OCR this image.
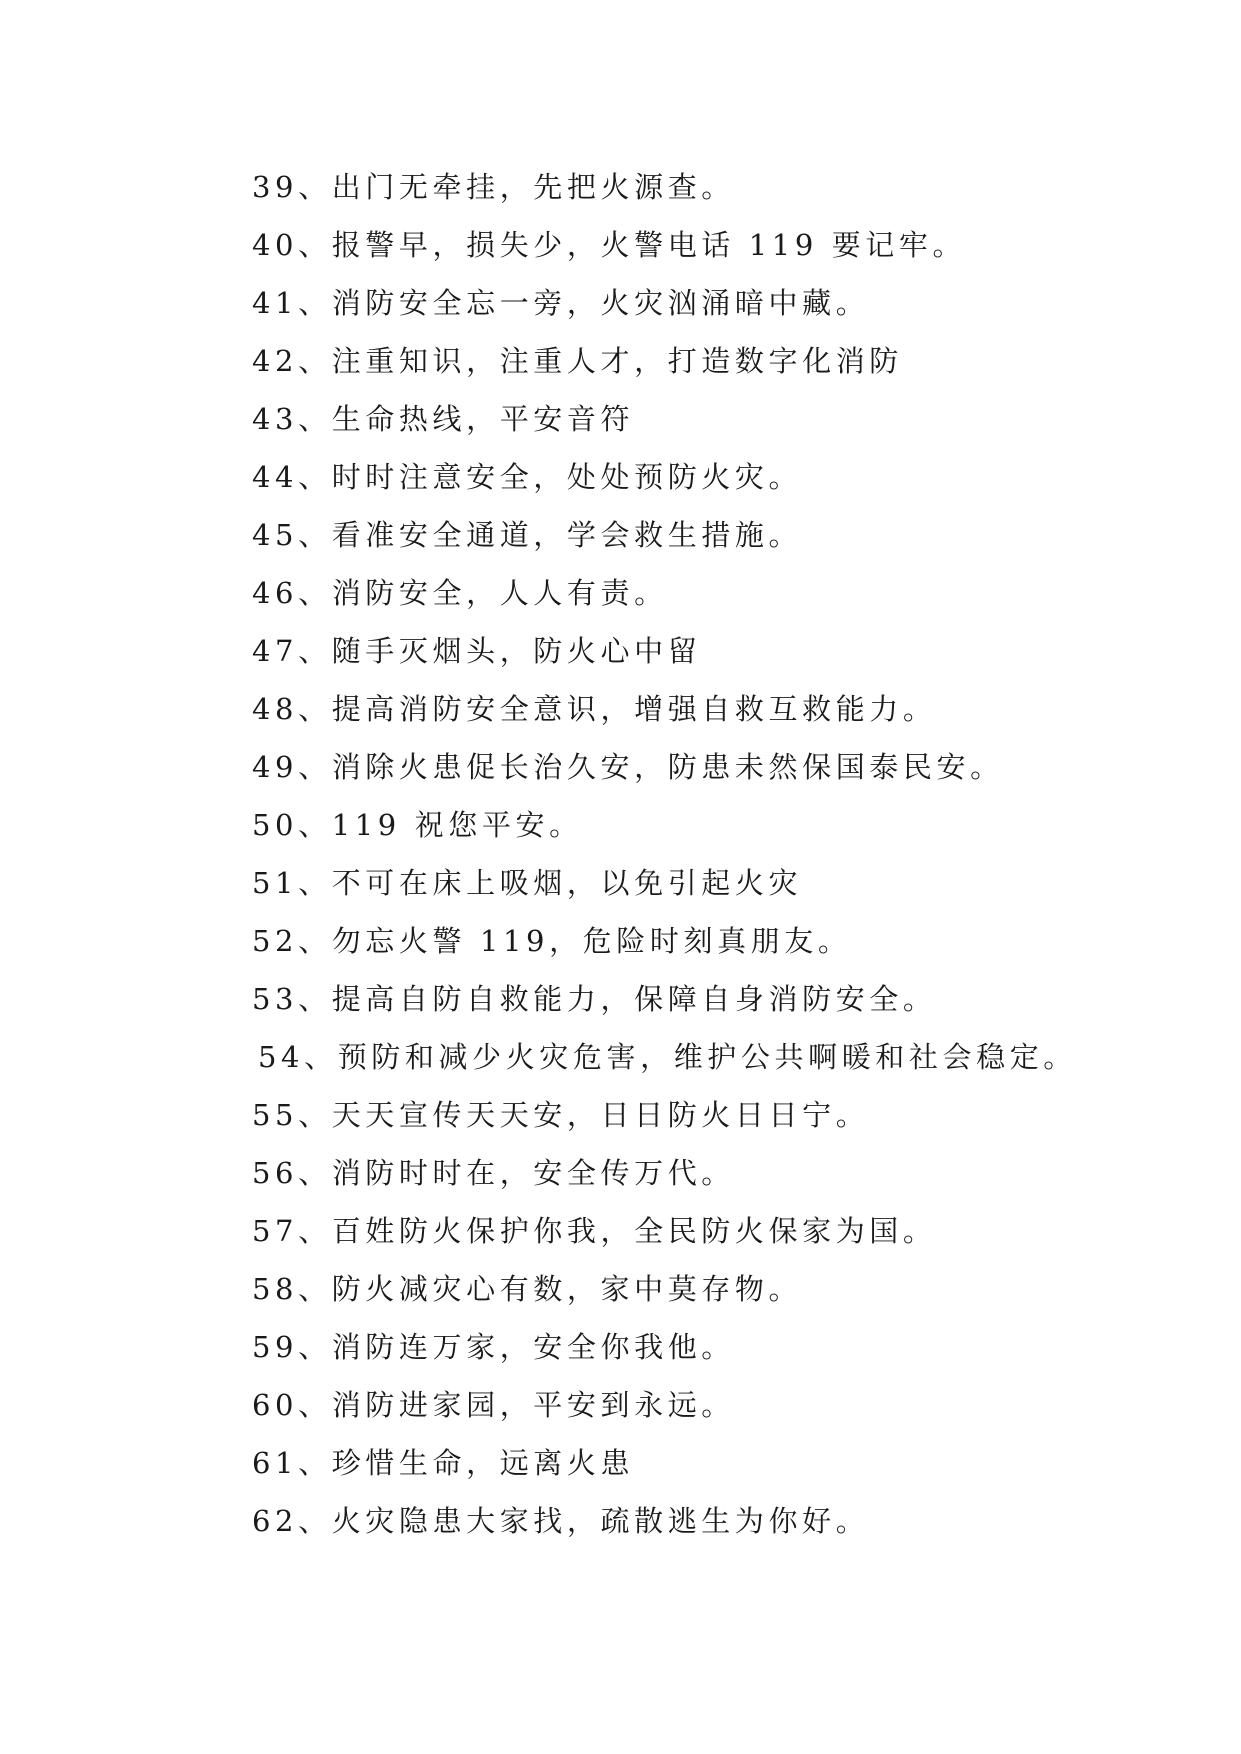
39、出门无牵挂，先把火源查。
40、报警早，损失少，火警电话 119 要记牢。
41、消防安全忘一旁，火灾汹涌暗中藏。
42、注重知识，注重人才，打造数字化消防
43、生命热线，平安音符
44、时时注意安全，处处预防火灾。
45、看准安全通道，学会救生措施。
46、消防安全，人人有责。
47、随手灭烟头，防火心中留
48、提高消防安全意识，增强自救互救能力。
49、消除火患促长治久安，防患未然保国泰民安。
50、119 祝您平安。
51、不可在床上吸烟，以免引起火灾
52、勿忘火警 119，危险时刻真朋友。
53、提高自防自救能力，保障自身消防安全。
54、预防和减少火灾危害，维护公共啊暖和社会稳定。
55、天天宣传天天安，日日防火日日宁。
56、消防时时在，安全传万代。
57、百姓防火保护你我，全民防火保家为国。
58、防火减灾心有数，家中莫存物。
59、消防连万家，安全你我他。
60、消防进家园，平安到永远。
61、珍惜生命，远离火患
62、火灾隐患大家找，疏散逃生为你好。
